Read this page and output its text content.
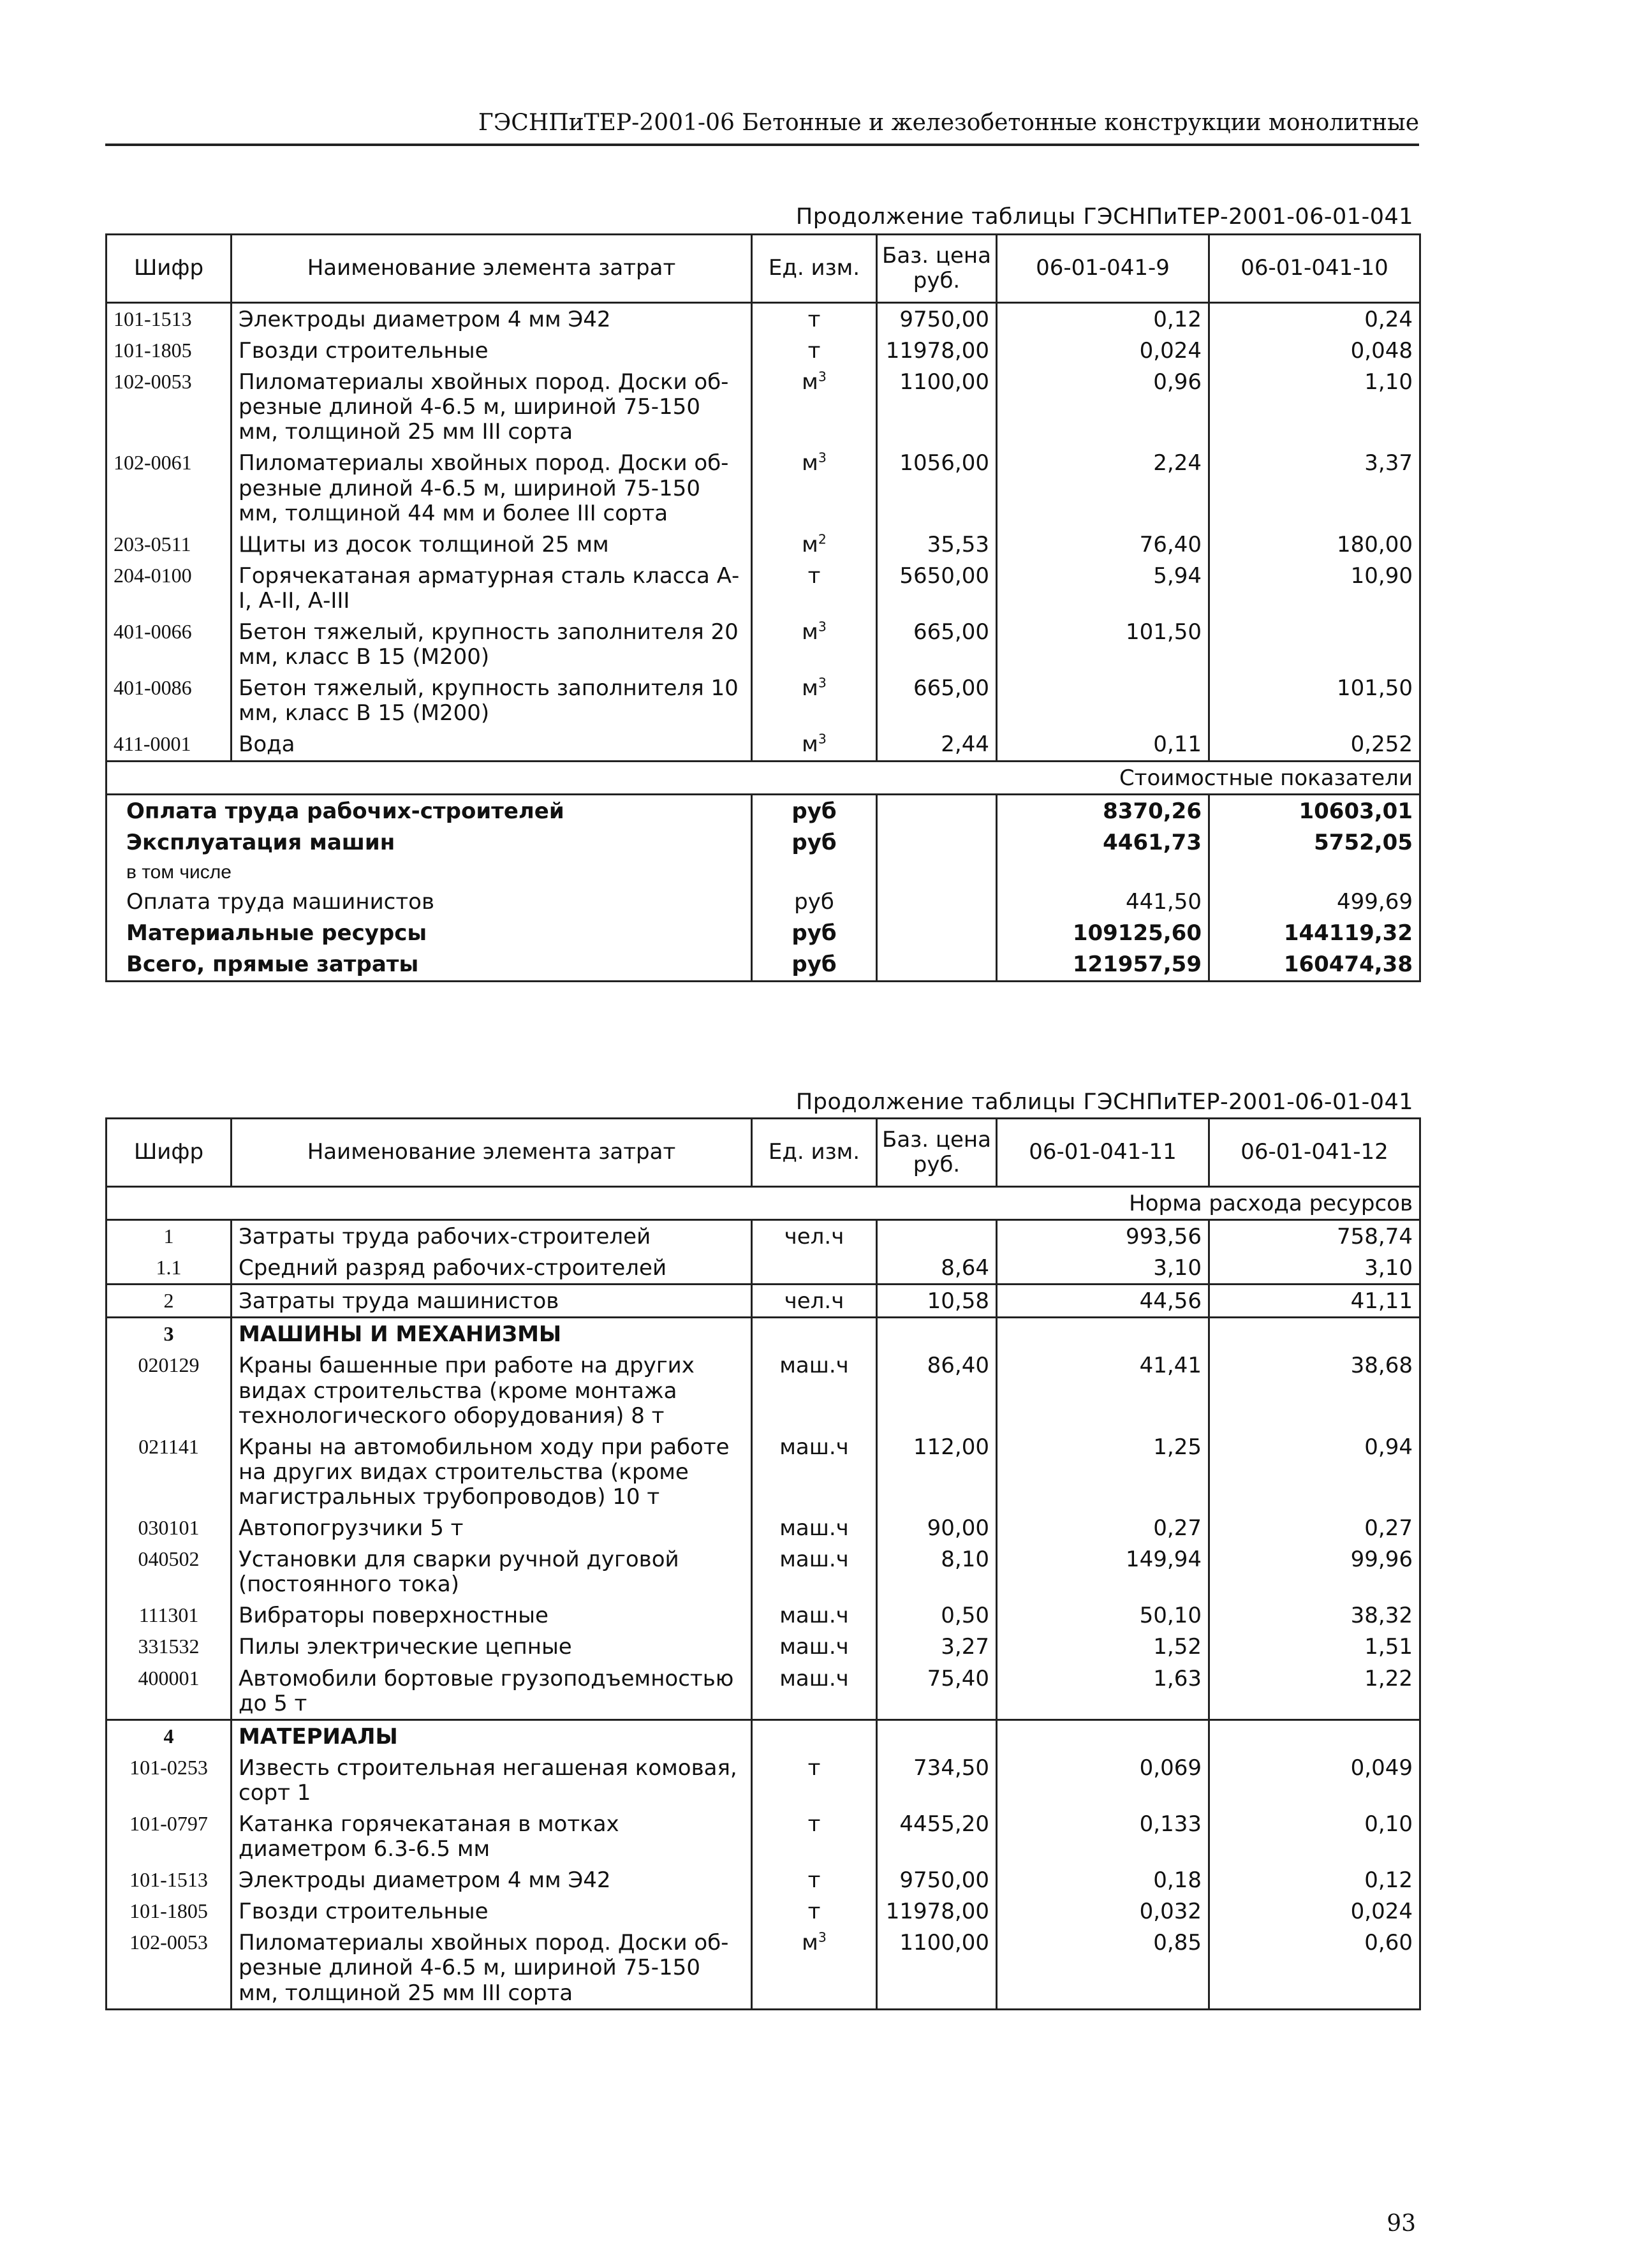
ГЭСНПиТЕР-2001-06 Бетонные и железобетонные конструкции монолитные
Продолжение таблицы ГЭСНПиТЕР-2001-06-01-041
Шифр	Наименование элемента затрат	Ед. изм.	Баз. цена руб.	06-01-041-9	06-01-041-10
101-1513	Электроды диаметром 4 мм Э42	т	9750,00	0,12	0,24
101-1805	Гвозди строительные	т	11978,00	0,024	0,048
102-0053	Пиломатериалы хвойных пород. Доски об-резные длиной 4-6.5 м, шириной 75-150 мм, толщиной 25 мм III сорта	$м^3$	1100,00	0,96	1,10
102-0061	Пиломатериалы хвойных пород. Доски об-резные длиной 4-6.5 м, шириной 75-150 мм, толщиной 44 мм и более III сорта	$м^3$	1056,00	2,24	3,37
203-0511	Щиты из досок толщиной 25 мм	$м^2$	35,53	76,40	180,00
204-0100	Горячекатаная арматурная сталь класса А-I, А-II, А-III	т	5650,00	5,94	10,90
401-0066	Бетон тяжелый, крупность заполнителя 20 мм, класс В 15 (М200)	$м^3$	665,00	101,50	
401-0086	Бетон тяжелый, крупность заполнителя 10 мм, класс В 15 (М200)	$м^3$	665,00		101,50
411-0001	Вода	$м^3$	2,44	0,11	0,252
Стоимостные показатели					
Оплата труда рабочих-строителей		руб		8370,26	10603,01
Эксплуатация машин		руб		4461,73	5752,05
в том числе					
Оплата труда машинистов		руб		441,50	499,69
Материальные ресурсы		руб		109125,60	144119,32
Всего, прямые затраты		руб		121957,59	160474,38
Продолжение таблицы ГЭСНПиТЕР-2001-06-01-041
Шифр	Наименование элемента затрат	Ед. изм.	Баз. цена руб.	06-01-041-11	06-01-041-12
Норма расхода ресурсов					
1	Затраты труда рабочих-строителей	чел.ч		993,56	758,74
1.1	Средний разряд рабочих-строителей		8,64	3,10	3,10
2	Затраты труда машинистов	чел.ч	10,58	44,56	41,11
3	МАШИНЫ И МЕХАНИЗМЫ				
020129	Краны башенные при работе на других видах строительства (кроме монтажа технологического оборудования) 8 т	маш.ч	86,40	41,41	38,68
021141	Краны на автомобильном ходу при работе на других видах строительства (кроме магистральных трубопроводов) 10 т	маш.ч	112,00	1,25	0,94
030101	Автопогрузчики 5 т	маш.ч	90,00	0,27	0,27
040502	Установки для сварки ручной дуговой (постоянного тока)	маш.ч	8,10	149,94	99,96
111301	Вибраторы поверхностные	маш.ч	0,50	50,10	38,32
331532	Пилы электрические цепные	маш.ч	3,27	1,52	1,51
400001	Автомобили бортовые грузоподъемностью до 5 т	маш.ч	75,40	1,63	1,22
4	МАТЕРИАЛЫ				
101-0253	Известь строительная негашеная комовая, сорт 1	т	734,50	0,069	0,049
101-0797	Катанка горячекатаная в мотках диаметром 6.3-6.5 мм	т	4455,20	0,133	0,10
101-1513	Электроды диаметром 4 мм Э42	т	9750,00	0,18	0,12
101-1805	Гвозди строительные	т	11978,00	0,032	0,024
102-0053	Пиломатериалы хвойных пород. Доски об-резные длиной 4-6.5 м, шириной 75-150 мм, толщиной 25 мм III сорта	$м^3$	1100,00	0,85	0,60
93
